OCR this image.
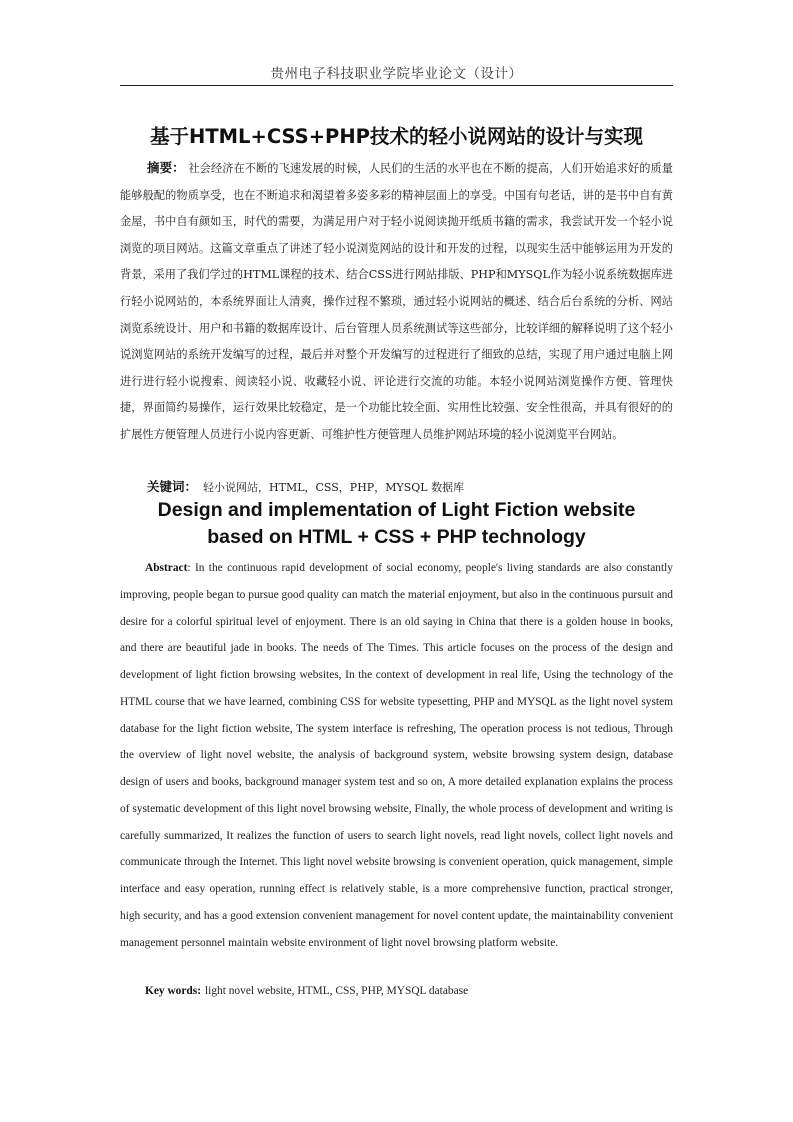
贵州电子科技职业学院毕业论文（设计）
基于HTML+CSS+PHP技术的轻小说网站的设计与实现
摘要： 社会经济在不断的飞速发展的时候，人民们的生活的水平也在不断的提高，人们开始追求好的质量能够般配的物质享受，也在不断追求和渴望着多姿多彩的精神层面上的享受。中国有句老话，讲的是书中自有黄金屋，书中自有颜如玉，时代的需要，为满足用户对于轻小说阅读抛开纸质书籍的需求，我尝试开发一个轻小说浏览的项目网站。这篇文章重点了讲述了轻小说浏览网站的设计和开发的过程，以现实生活中能够运用为开发的背景，采用了我们学过的HTML课程的技术、结合CSS进行网站排版、PHP和MYSQL作为轻小说系统数据库进行轻小说网站的，本系统界面让人清爽，操作过程不繁琐，通过轻小说网站的概述、结合后台系统的分析、网站浏览系统设计、用户和书籍的数据库设计、后台管理人员系统测试等这些部分，比较详细的解释说明了这个轻小说浏览网站的系统开发编写的过程，最后并对整个开发编写的过程进行了细致的总结，实现了用户通过电脑上网进行进行轻小说搜索、阅读轻小说、收藏轻小说、评论进行交流的功能。本轻小说网站浏览操作方便、管理快捷，界面简约易操作，运行效果比较稳定，是一个功能比较全面、实用性比较强、安全性很高，并具有很好的的扩展性方便管理人员进行小说内容更新、可维护性方便管理人员维护网站环境的轻小说浏览平台网站。
关键词： 轻小说网站，HTML，CSS，PHP，MYSQL 数据库
Design and implementation of Light Fiction website
based on HTML + CSS + PHP technology
Abstract: In the continuous rapid development of social economy, people's living standards are also constantly improving, people began to pursue good quality can match the material enjoyment, but also in the continuous pursuit and desire for a colorful spiritual level of enjoyment. There is an old saying in China that there is a golden house in books, and there are beautiful jade in books. The needs of The Times. This article focuses on the process of the design and development of light fiction browsing websites, In the context of development in real life, Using the technology of the HTML course that we have learned, combining CSS for website typesetting, PHP and MYSQL as the light novel system database for the light fiction website, The system interface is refreshing, The operation process is not tedious, Through the overview of light novel website, the analysis of background system, website browsing system design, database design of users and books, background manager system test and so on, A more detailed explanation explains the process of systematic development of this light novel browsing website, Finally, the whole process of development and writing is carefully summarized, It realizes the function of users to search light novels, read light novels, collect light novels and communicate through the Internet. This light novel website browsing is convenient operation, quick management, simple interface and easy operation, running effect is relatively stable, is a more comprehensive function, practical stronger, high security, and has a good extension convenient management for novel content update, the maintainability convenient management personnel maintain website environment of light novel browsing platform website.
Key words: light novel website, HTML, CSS, PHP, MYSQL database
